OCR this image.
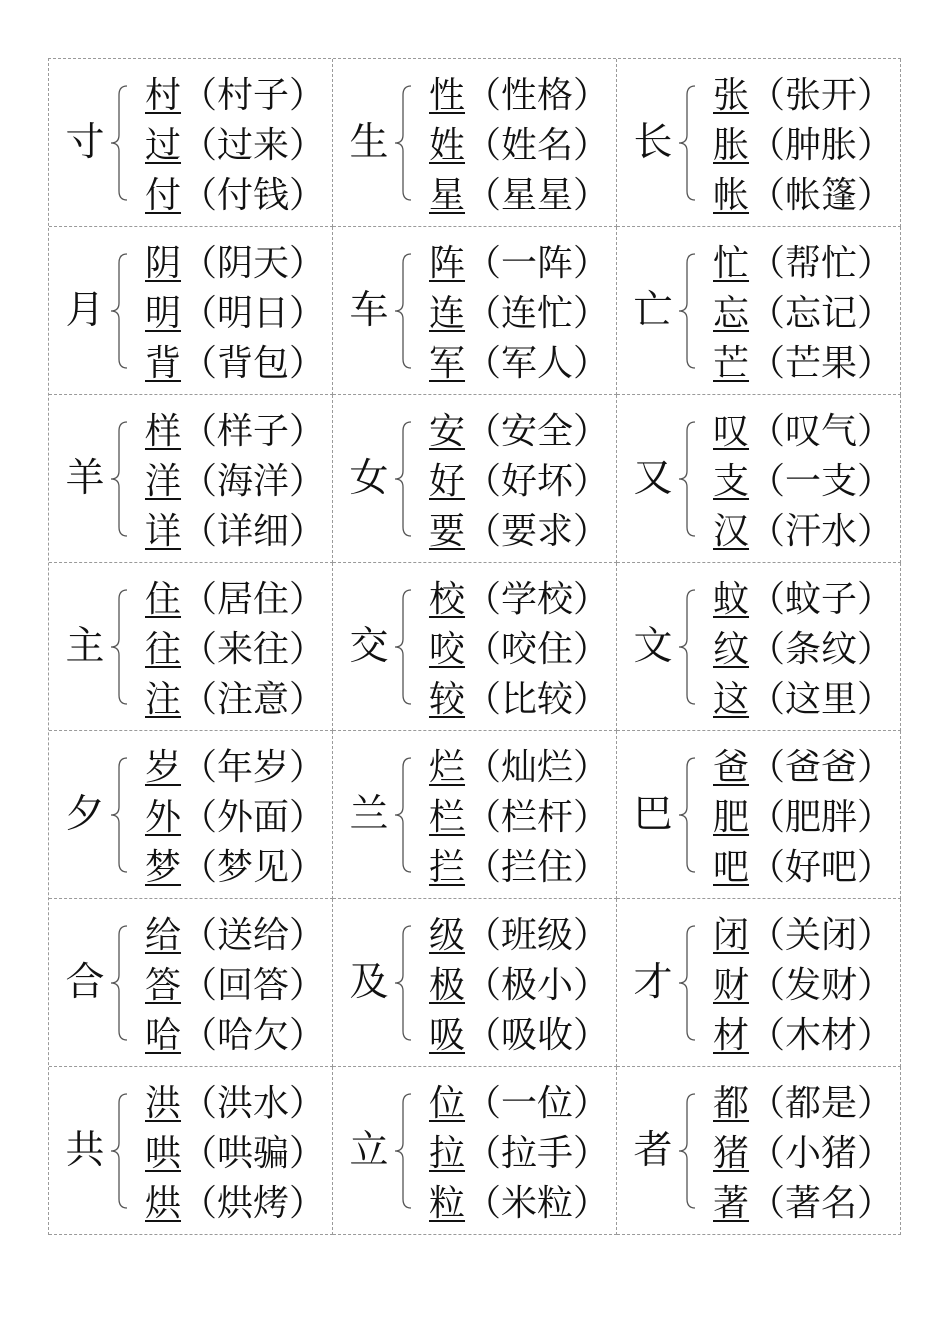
寸
村（村子）
过（过来）
付（付钱）
生
性（性格）
姓（姓名）
星（星星）
长
张（张开）
胀（肿胀）
帐（帐篷）
月
阴（阴天）
明（明日）
背（背包）
车
阵（一阵）
连（连忙）
军（军人）
亡
忙（帮忙）
忘（忘记）
芒（芒果）
羊
样（样子）
洋（海洋）
详（详细）
女
安（安全）
好（好坏）
要（要求）
又
叹（叹气）
支（一支）
汉（汗水）
主
住（居住）
往（来往）
注（注意）
交
校（学校）
咬（咬住）
较（比较）
文
蚊（蚊子）
纹（条纹）
这（这里）
夕
岁（年岁）
外（外面）
梦（梦见）
兰
烂（灿烂）
栏（栏杆）
拦（拦住）
巴
爸（爸爸）
肥（肥胖）
吧（好吧）
合
给（送给）
答（回答）
哈（哈欠）
及
级（班级）
极（极小）
吸（吸收）
才
闭（关闭）
财（发财）
材（木材）
共
洪（洪水）
哄（哄骗）
烘（烘烤）
立
位（一位）
拉（拉手）
粒（米粒）
者
都（都是）
猪（小猪）
著（著名）
